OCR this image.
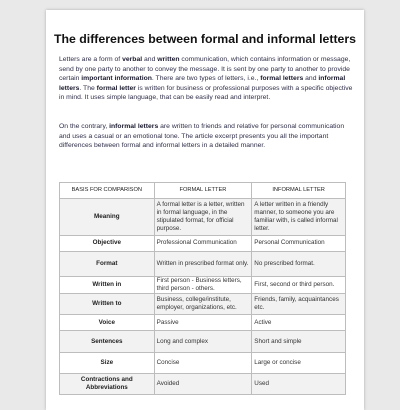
The differences between formal and informal letters
Letters are a form of verbal and written communication, which contains information or message, send by one party to another to convey the message. It is sent by one party to another to provide certain important information. There are two types of letters, i.e., formal letters and informal letters. The formal letter is written for business or professional purposes with a specific objective in mind. It uses simple language, that can be easily read and interpret.
On the contrary, informal letters are written to friends and relative for personal communication and uses a casual or an emotional tone. The article excerpt presents you all the important differences between formal and informal letters in a detailed manner.
BASIS FOR COMPARISON	FORMAL LETTER	INFORMAL LETTER
Meaning	A formal letter is a letter, written in formal language, in the stipulated format, for official purpose.	A letter written in a friendly manner, to someone you are familiar with, is called informal letter.
Objective	Professional Communication	Personal Communication
Format	Written in prescribed format only.	No prescribed format.
Written in	First person - Business letters, third person - others.	First, second or third person.
Written to	Business, college/institute, employer, organizations, etc.	Friends, family, acquaintances etc.
Voice	Passive	Active
Sentences	Long and complex	Short and simple
Size	Concise	Large or concise
Contractions and Abbreviations	Avoided	Used
